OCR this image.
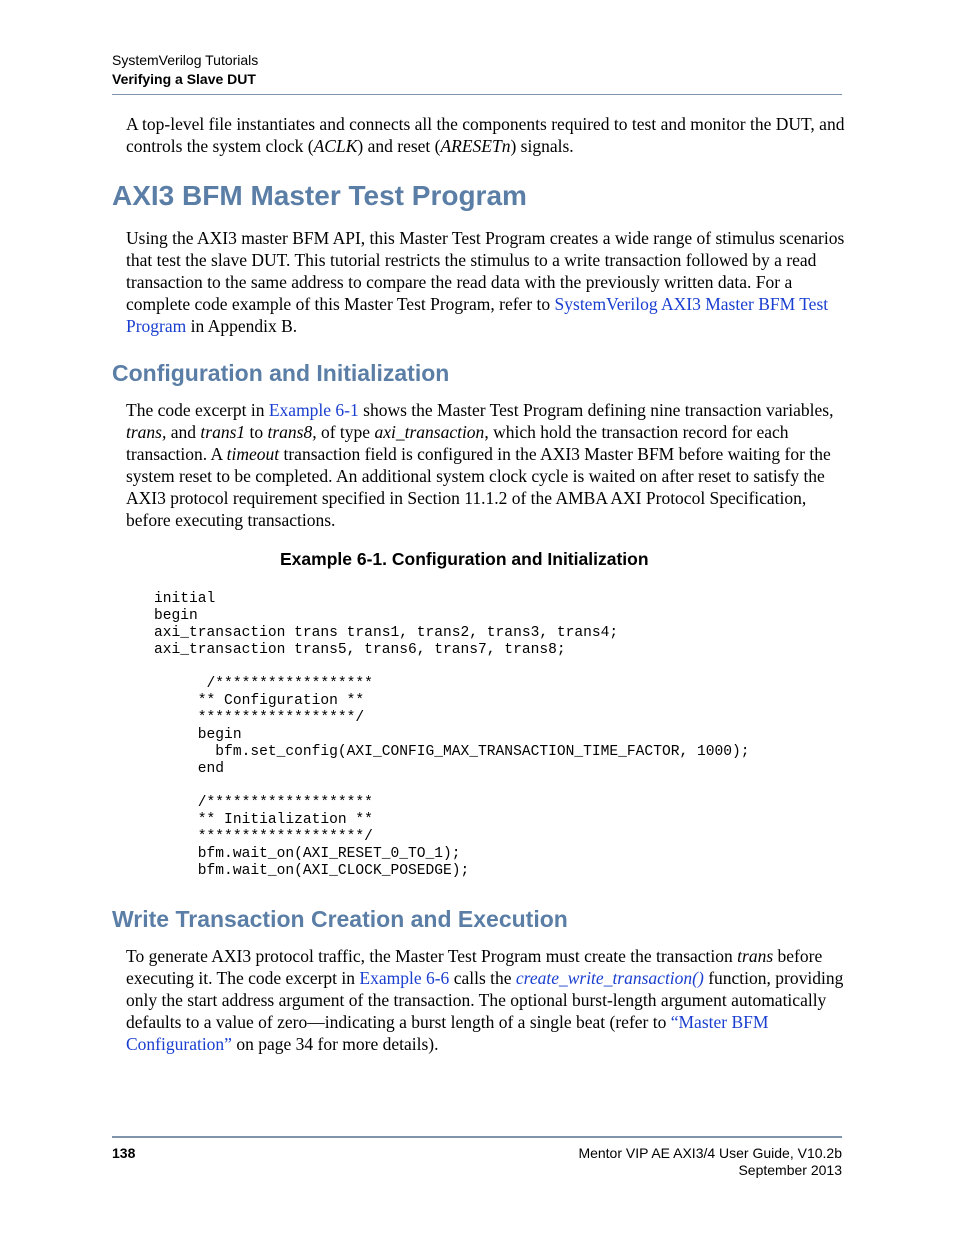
SystemVerilog Tutorials
Verifying a Slave DUT
A top-level file instantiates and connects all the components required to test and monitor the DUT, and controls the system clock (ACLK) and reset (ARESETn) signals.
AXI3 BFM Master Test Program
Using the AXI3 master BFM API, this Master Test Program creates a wide range of stimulus scenarios that test the slave DUT. This tutorial restricts the stimulus to a write transaction followed by a read transaction to the same address to compare the read data with the previously written data. For a complete code example of this Master Test Program, refer to SystemVerilog AXI3 Master BFM Test Program in Appendix B.
Configuration and Initialization
The code excerpt in Example 6-1 shows the Master Test Program defining nine transaction variables, trans, and trans1 to trans8, of type axi_transaction, which hold the transaction record for each transaction. A timeout transaction field is configured in the AXI3 Master BFM before waiting for the system reset to be completed. An additional system clock cycle is waited on after reset to satisfy the AXI3 protocol requirement specified in Section 11.1.2 of the AMBA AXI Protocol Specification, before executing transactions.
Example 6-1. Configuration and Initialization
initial
begin
axi_transaction trans trans1, trans2, trans3, trans4;
axi_transaction trans5, trans6, trans7, trans8;

/******************
** Configuration **
******************/
begin
bfm.set_config(AXI_CONFIG_MAX_TRANSACTION_TIME_FACTOR, 1000);
end

/*******************
** Initialization **
*******************/
bfm.wait_on(AXI_RESET_0_TO_1);
bfm.wait_on(AXI_CLOCK_POSEDGE);
Write Transaction Creation and Execution
To generate AXI3 protocol traffic, the Master Test Program must create the transaction trans before executing it. The code excerpt in Example 6-6 calls the create_write_transaction() function, providing only the start address argument of the transaction. The optional burst-length argument automatically defaults to a value of zero—indicating a burst length of a single beat (refer to “Master BFM Configuration” on page 34 for more details).
138	Mentor VIP AE AXI3/4 User Guide, V10.2b
September 2013
